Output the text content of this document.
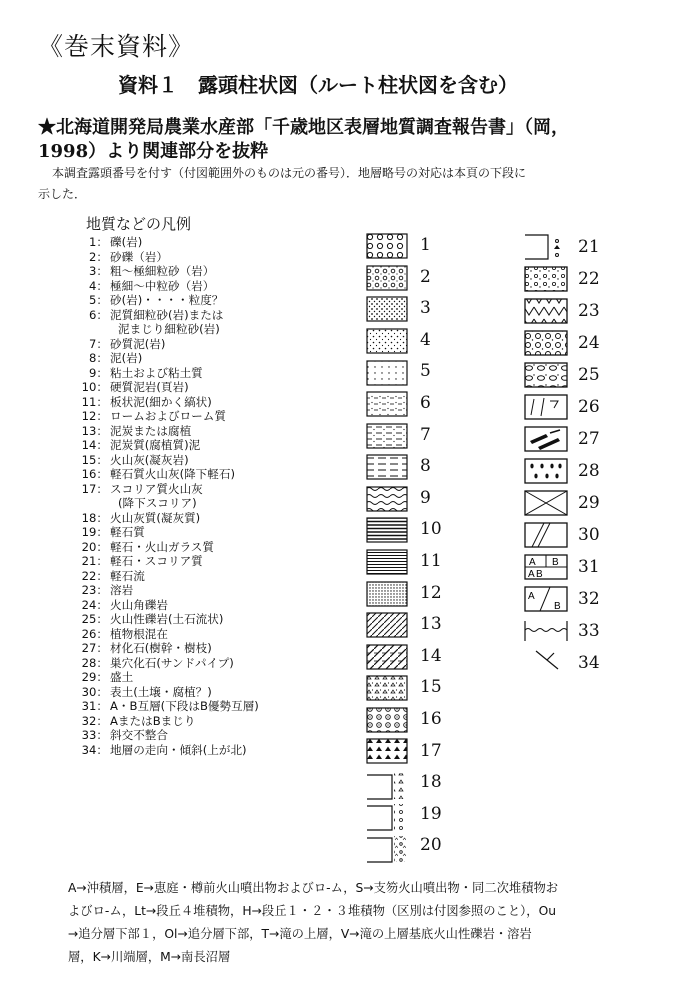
《巻末資料》
資料１　露頭柱状図（ルート柱状図を含む）
★北海道開発局農業水産部「千歳地区表層地質調査報告書」（岡，
1998）より関連部分を抜粋
本調査露頭番号を付す（付図範囲外のものは元の番号）．地層略号の対応は本頁の下段に
示した．
地質などの凡例
1： 礫(岩)
2： 砂礫（岩）
3： 粗～極細粒砂（岩）
4： 極細～中粒砂（岩）
5： 砂(岩)・・・・粒度？
6： 泥質細粒砂(岩)または
泥まじり細粒砂(岩)
7： 砂質泥(岩)
8： 泥(岩)
9： 粘土および粘土質
10： 硬質泥岩(頁岩)
11： 板状泥(細かく縞状)
12： ロームおよびローム質
13： 泥炭または腐植
14： 泥炭質(腐植質)泥
15： 火山灰(凝灰岩)
16： 軽石質火山灰(降下軽石)
17： スコリア質火山灰
(降下スコリア)
18： 火山灰質(凝灰質)
19： 軽石質
20： 軽石・火山ガラス質
21： 軽石・スコリア質
22： 軽石流
23： 溶岩
24： 火山角礫岩
25： 火山性礫岩(土石流状)
26： 植物根混在
27： 材化石(樹幹・樹枝)
28： 巣穴化石(サンドパイプ)
29： 盛土
30： 表土(土壌・腐植？)
31： A・B互層(下段はB優勢互層)
32： AまたはBまじり
33： 斜交不整合
34： 地層の走向・傾斜(上が北)
A B
A B
A
B
1
2
3
4
5
6
7
8
9
10
11
12
13
14
15
16
17
18
19
20
21
22
23
24
25
26
27
28
29
30
31
32
33
34
A→沖積層，E→恵庭・樽前火山噴出物およびロ-ム，S→支笏火山噴出物・同二次堆積物お
よびロ-ム，Lt→段丘４堆積物，H→段丘１・２・３堆積物（区別は付図参照のこと），Ou
→追分層下部１，Ol→追分層下部，T→滝の上層，V→滝の上層基底火山性礫岩・溶岩
層，K→川端層，M→南長沼層
